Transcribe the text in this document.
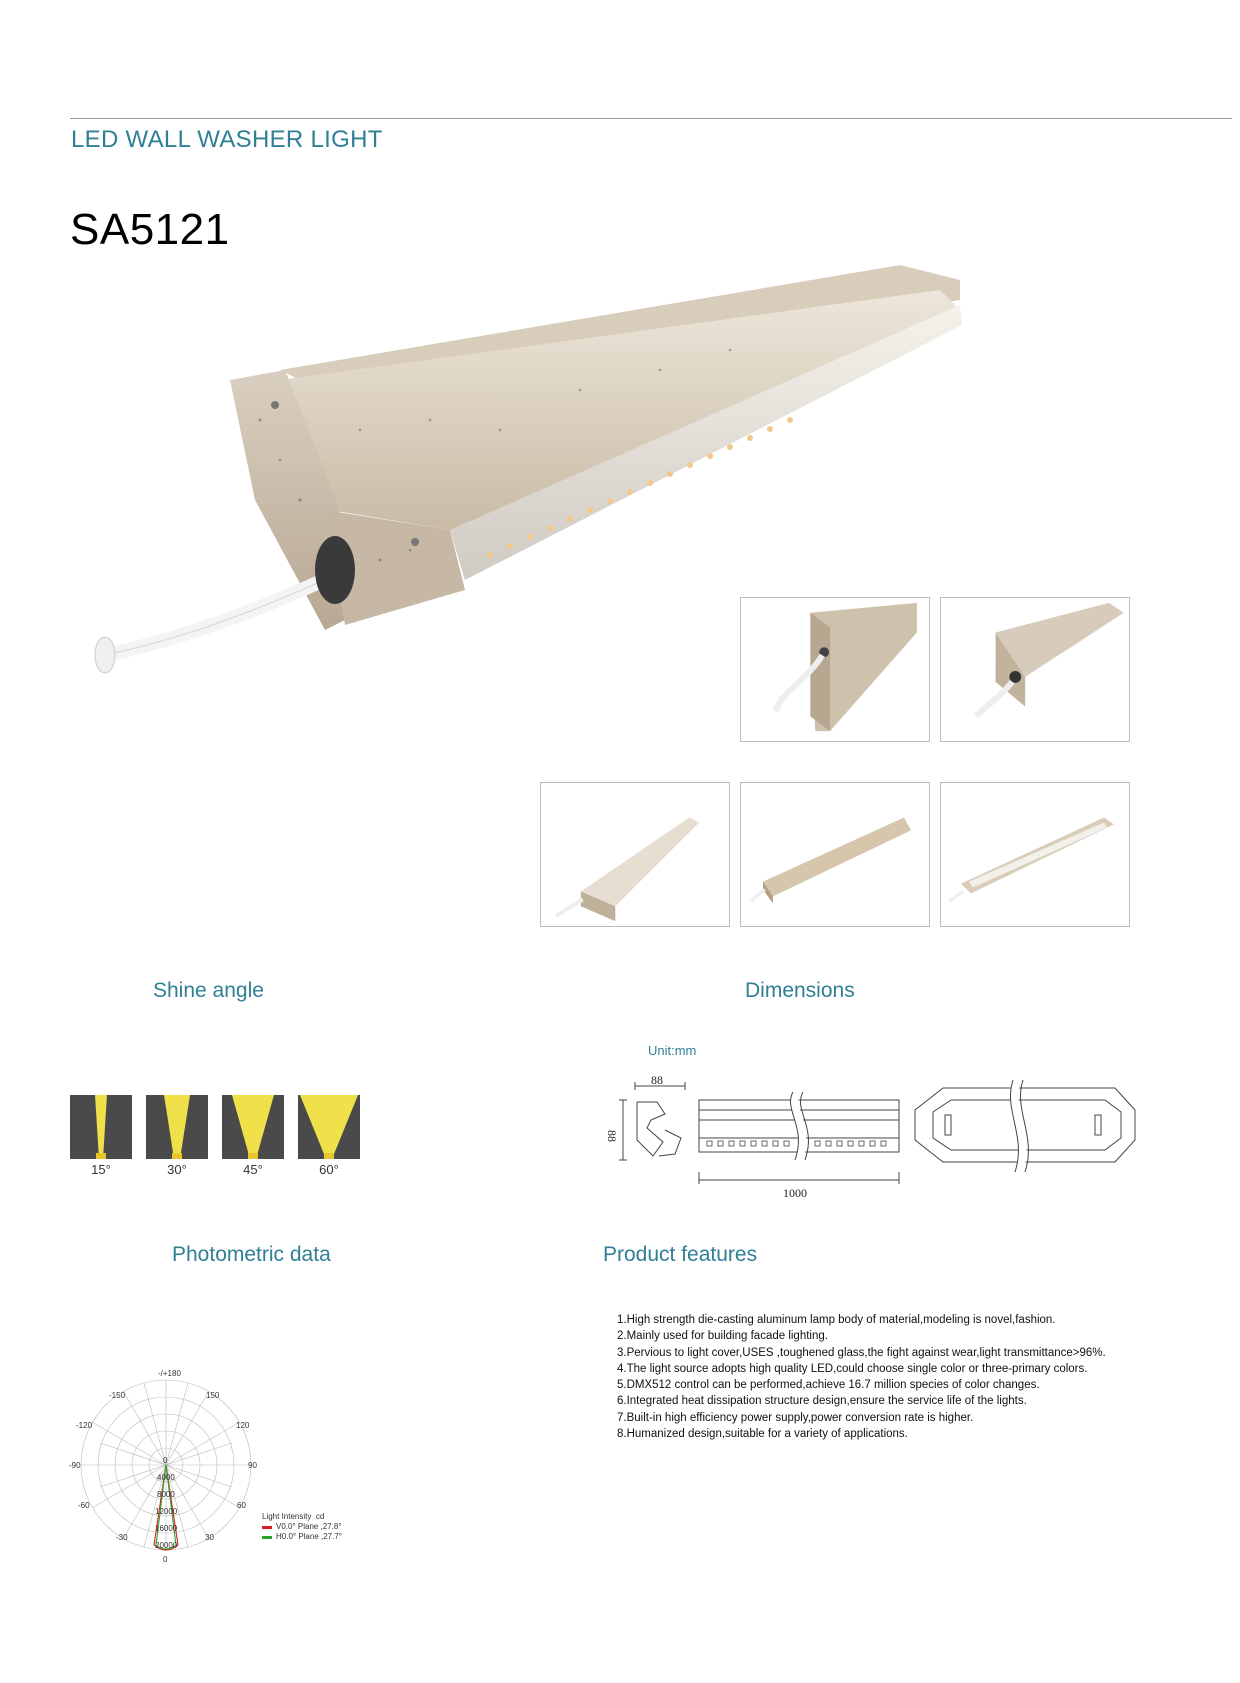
LED WALL WASHER LIGHT
SA5121
Shine angle	Dimensions
Unit:mm
Photometric data	Product features
15°	30°	45°	60°
88
88
1000
-/+180
-150	150
-120	120
-90	90
-60	60
-30	30
0
0
4000
8000
12000
16000
20000
Light Intensity cd
V0.0° Plane ,27.8°
H0.0° Plane ,27.7°
1.High strength die-casting aluminum lamp body of material,modeling is novel,fashion.
2.Mainly used for building facade lighting.
3.Pervious to light cover,USES ,toughened glass,the fight against wear,light transmittance>96%.
4.The light source adopts high quality LED,could choose single color or three-primary colors.
5.DMX512 control can be performed,achieve 16.7 million species of color changes.
6.Integrated heat dissipation structure design,ensure the service life of the lights.
7.Built-in high efficiency power supply,power conversion rate is higher.
8.Humanized design,suitable for a variety of applications.
